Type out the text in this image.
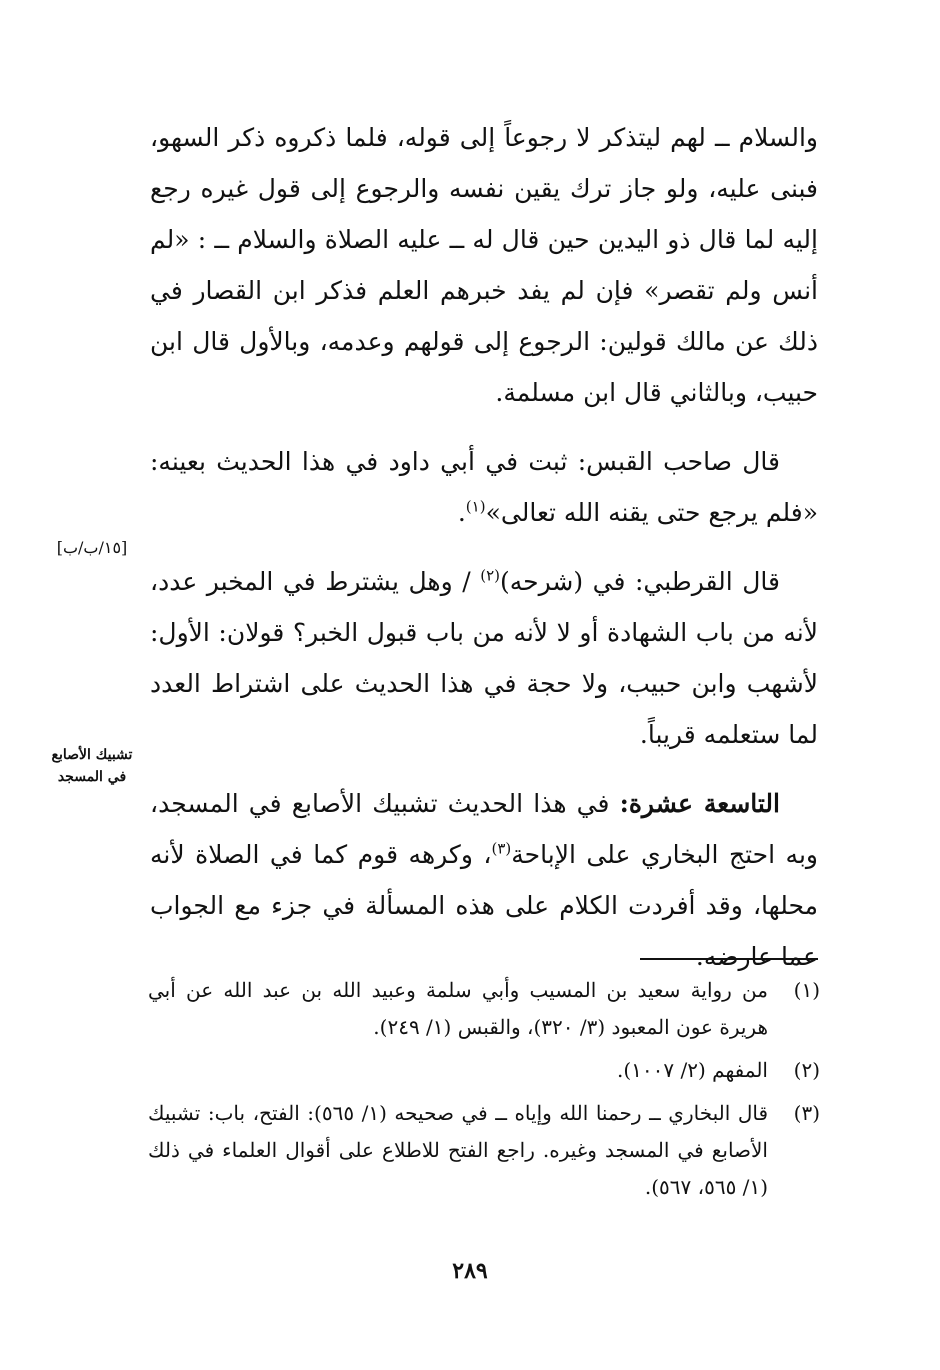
والسلام ــ لهم ليتذكر لا رجوعاً إلى قوله، فلما ذكروه ذكر السهو، فبنى عليه، ولو جاز ترك يقين نفسه والرجوع إلى قول غيره رجع إليه لما قال ذو اليدين حين قال له ــ عليه الصلاة والسلام ــ : «لم أنس ولم تقصر» فإن لم يفد خبرهم العلم فذكر ابن القصار في ذلك عن مالك قولين: الرجوع إلى قولهم وعدمه، وبالأول قال ابن حبيب، وبالثاني قال ابن مسلمة.

قال صاحب القبس: ثبت في أبي داود في هذا الحديث بعينه: «فلم يرجع حتى يقنه الله تعالى»$^{(١)}$.

قال القرطبي: في (شرحه)$^{(٢)}$ / وهل يشترط في المخبر عدد، لأنه من باب الشهادة أو لا لأنه من باب قبول الخبر؟ قولان: الأول: لأشهب وابن حبيب، ولا حجة في هذا الحديث على اشتراط العدد لما ستعلمه قريباً.

التاسعة عشرة: في هذا الحديث تشبيك الأصابع في المسجد، وبه احتج البخاري على الإباحة$^{(٣)}$، وكرهه قوم كما في الصلاة لأنه محلها، وقد أفردت الكلام على هذه المسألة في جزء مع الجواب عما عارضه.

[١٥/ب/ب]
تشبيك الأصابع في المسجد
(١)
من رواية سعيد بن المسيب وأبي سلمة وعبيد الله بن عبد الله عن أبي هريرة عون المعبود (٣/ ٣٢٠)، والقبس (١/ ٢٤٩).
(٢)
المفهم (٢/ ١٠٠٧).
(٣)
قال البخاري ــ رحمنا الله وإياه ــ في صحيحه (١/ ٥٦٥): الفتح، باب: تشبيك الأصابع في المسجد وغيره. راجع الفتح للاطلاع على أقوال العلماء في ذلك (١/ ٥٦٥، ٥٦٧).
٢٨٩
